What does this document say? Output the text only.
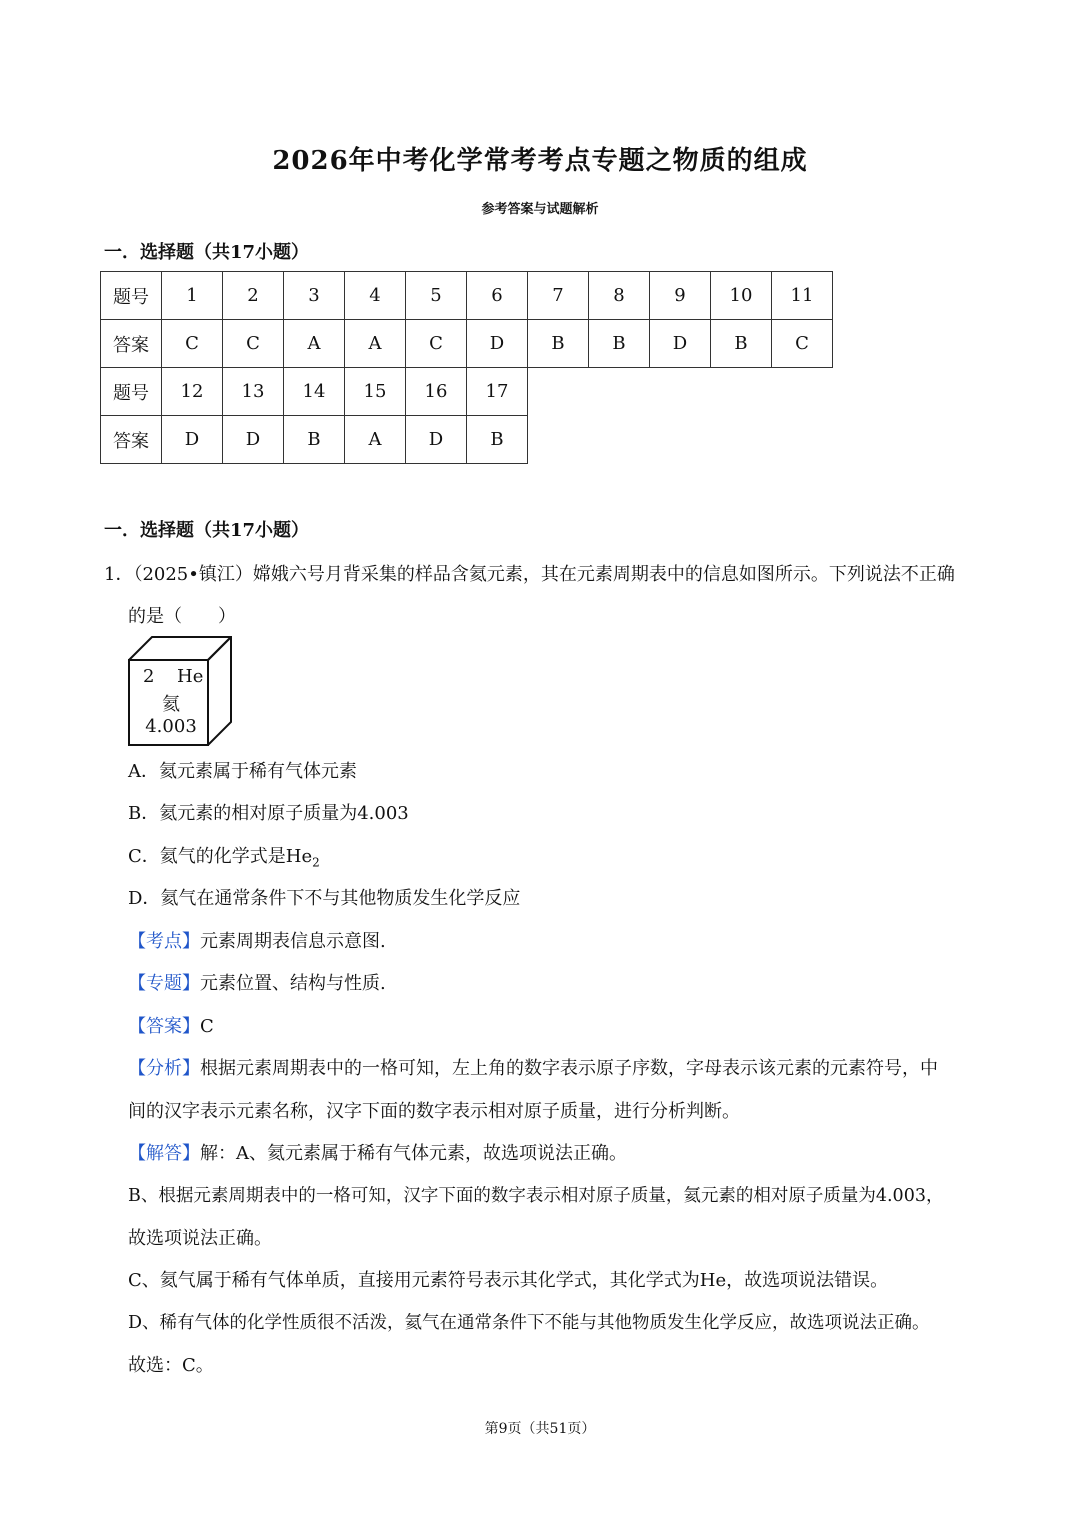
2026年中考化学常考考点专题之物质的组成
参考答案与试题解析
一．选择题（共17小题）
题号	1	2	3	4	5	6	7	8	9	10	11
答案	C	C	A	A	C	D	B	B	D	B	C
题号	12	13	14	15	16	17
答案	D	D	B	A	D	B
一．选择题（共17小题）
1．（2025•镇江）嫦娥六号月背采集的样品含氦元素，其在元素周期表中的信息如图所示。下列说法不正确
的是（　　）
2 He
氦
4.003
A．氦元素属于稀有气体元素
B．氦元素的相对原子质量为4.003
C．氦气的化学式是$He_2$
D．氦气在通常条件下不与其他物质发生化学反应
【考点】元素周期表信息示意图.
【专题】元素位置、结构与性质.
【答案】C
【分析】根据元素周期表中的一格可知，左上角的数字表示原子序数，字母表示该元素的元素符号，中
间的汉字表示元素名称，汉字下面的数字表示相对原子质量，进行分析判断。
【解答】解：A、氦元素属于稀有气体元素，故选项说法正确。
B、根据元素周期表中的一格可知，汉字下面的数字表示相对原子质量，氦元素的相对原子质量为4.003，
故选项说法正确。
C、氦气属于稀有气体单质，直接用元素符号表示其化学式，其化学式为He，故选项说法错误。
D、稀有气体的化学性质很不活泼，氦气在通常条件下不能与其他物质发生化学反应，故选项说法正确。
故选：C。
第9页（共51页）
